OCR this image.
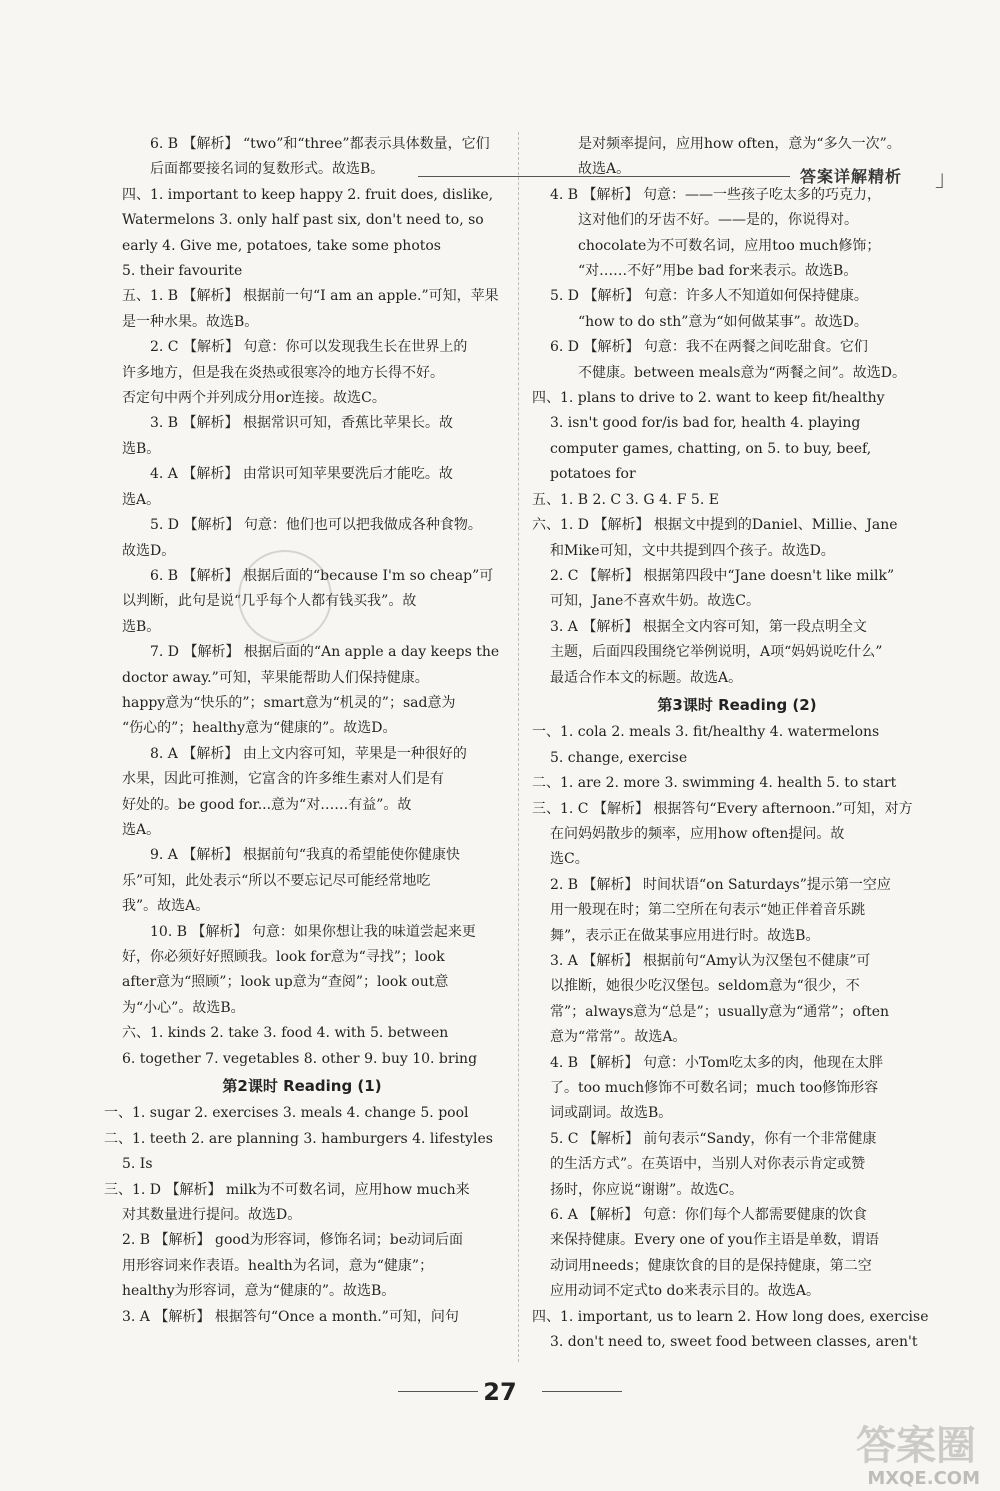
答案详解精析 」
6. B 【解析】 “two”和“three”都表示具体数量，它们
后面都要接名词的复数形式。故选B。
四、1. important to keep happy 2. fruit does, dislike,
Watermelons 3. only half past six, don't need to, so
early 4. Give me, potatoes, take some photos
5. their favourite
五、1. B 【解析】 根据前一句“I am an apple.”可知，苹果
是一种水果。故选B。
2. C 【解析】 句意：你可以发现我生长在世界上的
许多地方，但是我在炎热或很寒冷的地方长得不好。
否定句中两个并列成分用or连接。故选C。
3. B 【解析】 根据常识可知，香蕉比苹果长。故
选B。
4. A 【解析】 由常识可知苹果要洗后才能吃。故
选A。
5. D 【解析】 句意：他们也可以把我做成各种食物。
故选D。
6. B 【解析】 根据后面的“because I'm so cheap”可
以判断，此句是说“几乎每个人都有钱买我”。故
选B。
7. D 【解析】 根据后面的“An apple a day keeps the
doctor away.”可知，苹果能帮助人们保持健康。
happy意为“快乐的”；smart意为“机灵的”；sad意为
“伤心的”；healthy意为“健康的”。故选D。
8. A 【解析】 由上文内容可知，苹果是一种很好的
水果，因此可推测，它富含的许多维生素对人们是有
好处的。be good for...意为“对……有益”。故
选A。
9. A 【解析】 根据前句“我真的希望能使你健康快
乐”可知，此处表示“所以不要忘记尽可能经常地吃
我”。故选A。
10. B 【解析】 句意：如果你想让我的味道尝起来更
好，你必须好好照顾我。look for意为“寻找”；look
after意为“照顾”；look up意为“查阅”；look out意
为“小心”。故选B。
六、1. kinds 2. take 3. food 4. with 5. between
6. together 7. vegetables 8. other 9. buy 10. bring
第2课时 Reading (1)
一、1. sugar 2. exercises 3. meals 4. change 5. pool
二、1. teeth 2. are planning 3. hamburgers 4. lifestyles
5. Is
三、1. D 【解析】 milk为不可数名词，应用how much来
对其数量进行提问。故选D。
2. B 【解析】 good为形容词，修饰名词；be动词后面
用形容词来作表语。health为名词，意为“健康”；
healthy为形容词，意为“健康的”。故选B。
3. A 【解析】 根据答句“Once a month.”可知，问句
是对频率提问，应用how often，意为“多久一次”。
故选A。
4. B 【解析】 句意：——一些孩子吃太多的巧克力，
这对他们的牙齿不好。——是的，你说得对。
chocolate为不可数名词，应用too much修饰；
“对……不好”用be bad for来表示。故选B。
5. D 【解析】 句意：许多人不知道如何保持健康。
“how to do sth”意为“如何做某事”。故选D。
6. D 【解析】 句意：我不在两餐之间吃甜食。它们
不健康。between meals意为“两餐之间”。故选D。
四、1. plans to drive to 2. want to keep fit/healthy
3. isn't good for/is bad for, health 4. playing
computer games, chatting, on 5. to buy, beef,
potatoes for
五、1. B 2. C 3. G 4. F 5. E
六、1. D 【解析】 根据文中提到的Daniel、Millie、Jane
和Mike可知，文中共提到四个孩子。故选D。
2. C 【解析】 根据第四段中“Jane doesn't like milk”
可知，Jane不喜欢牛奶。故选C。
3. A 【解析】 根据全文内容可知，第一段点明全文
主题，后面四段围绕它举例说明，A项“妈妈说吃什么”
最适合作本文的标题。故选A。
第3课时 Reading (2)
一、1. cola 2. meals 3. fit/healthy 4. watermelons
5. change, exercise
二、1. are 2. more 3. swimming 4. health 5. to start
三、1. C 【解析】 根据答句“Every afternoon.”可知，对方
在问妈妈散步的频率，应用how often提问。故
选C。
2. B 【解析】 时间状语“on Saturdays”提示第一空应
用一般现在时；第二空所在句表示“她正伴着音乐跳
舞”，表示正在做某事应用进行时。故选B。
3. A 【解析】 根据前句“Amy认为汉堡包不健康”可
以推断，她很少吃汉堡包。seldom意为“很少，不
常”；always意为“总是”；usually意为“通常”；often
意为“常常”。故选A。
4. B 【解析】 句意：小Tom吃太多的肉，他现在太胖
了。too much修饰不可数名词；much too修饰形容
词或副词。故选B。
5. C 【解析】 前句表示“Sandy，你有一个非常健康
的生活方式”。在英语中，当别人对你表示肯定或赞
扬时，你应说“谢谢”。故选C。
6. A 【解析】 句意：你们每个人都需要健康的饮食
来保持健康。Every one of you作主语是单数，谓语
动词用needs；健康饮食的目的是保持健康，第二空
应用动词不定式to do来表示目的。故选A。
四、1. important, us to learn 2. How long does, exercise
3. don't need to, sweet food between classes, aren't
27
答案圈
MXQE.COM
